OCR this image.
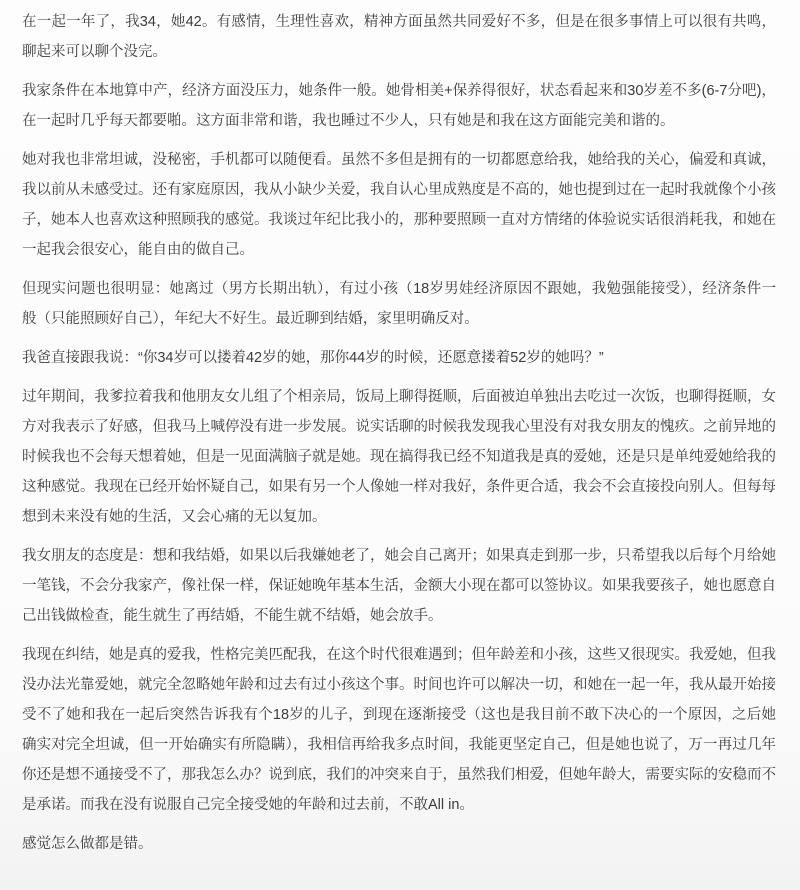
在一起一年了，我34，她42。有感情，生理性喜欢，精神方面虽然共同爱好不多，但是在很多事情上可以很有共鸣，聊起来可以聊个没完。

我家条件在本地算中产，经济方面没压力，她条件一般。她骨相美+保养得很好，状态看起来和30岁差不多(6-7分吧)，在一起时几乎每天都要啪。这方面非常和谐，我也睡过不少人，只有她是和我在这方面能完美和谐的。

她对我也非常坦诚，没秘密，手机都可以随便看。虽然不多但是拥有的一切都愿意给我，她给我的关心，偏爱和真诚，我以前从未感受过。还有家庭原因，我从小缺少关爱，我自认心里成熟度是不高的，她也提到过在一起时我就像个小孩子，她本人也喜欢这种照顾我的感觉。我谈过年纪比我小的，那种要照顾一直对方情绪的体验说实话很消耗我，和她在一起我会很安心，能自由的做自己。

但现实问题也很明显：她离过（男方长期出轨），有过小孩（18岁男娃经济原因不跟她，我勉强能接受），经济条件一般（只能照顾好自己），年纪大不好生。最近聊到结婚，家里明确反对。

我爸直接跟我说：“你34岁可以搂着42岁的她，那你44岁的时候，还愿意搂着52岁的她吗？”

过年期间，我爹拉着我和他朋友女儿组了个相亲局，饭局上聊得挺顺，后面被迫单独出去吃过一次饭，也聊得挺顺，女方对我表示了好感，但我马上喊停没有进一步发展。说实话聊的时候我发现我心里没有对我女朋友的愧疚。之前异地的时候我也不会每天想着她，但是一见面满脑子就是她。现在搞得我已经不知道我是真的爱她，还是只是单纯爱她给我的这种感觉。我现在已经开始怀疑自己，如果有另一个人像她一样对我好，条件更合适，我会不会直接投向别人。但每每想到未来没有她的生活，又会心痛的无以复加。

我女朋友的态度是：想和我结婚，如果以后我嫌她老了，她会自己离开；如果真走到那一步，只希望我以后每个月给她一笔钱，不会分我家产，像社保一样，保证她晚年基本生活，金额大小现在都可以签协议。如果我要孩子，她也愿意自己出钱做检查，能生就生了再结婚，不能生就不结婚，她会放手。

我现在纠结，她是真的爱我，性格完美匹配我，在这个时代很难遇到；但年龄差和小孩，这些又很现实。我爱她，但我没办法光靠爱她，就完全忽略她年龄和过去有过小孩这个事。时间也许可以解决一切，和她在一起一年，我从最开始接受不了她和我在一起后突然告诉我有个18岁的儿子，到现在逐渐接受（这也是我目前不敢下决心的一个原因，之后她确实对完全坦诚，但一开始确实有所隐瞒），我相信再给我多点时间，我能更坚定自己，但是她也说了，万一再过几年你还是想不通接受不了，那我怎么办？说到底，我们的冲突来自于，虽然我们相爱，但她年龄大，需要实际的安稳而不是承诺。而我在没有说服自己完全接受她的年龄和过去前，不敢All in。

感觉怎么做都是错。
